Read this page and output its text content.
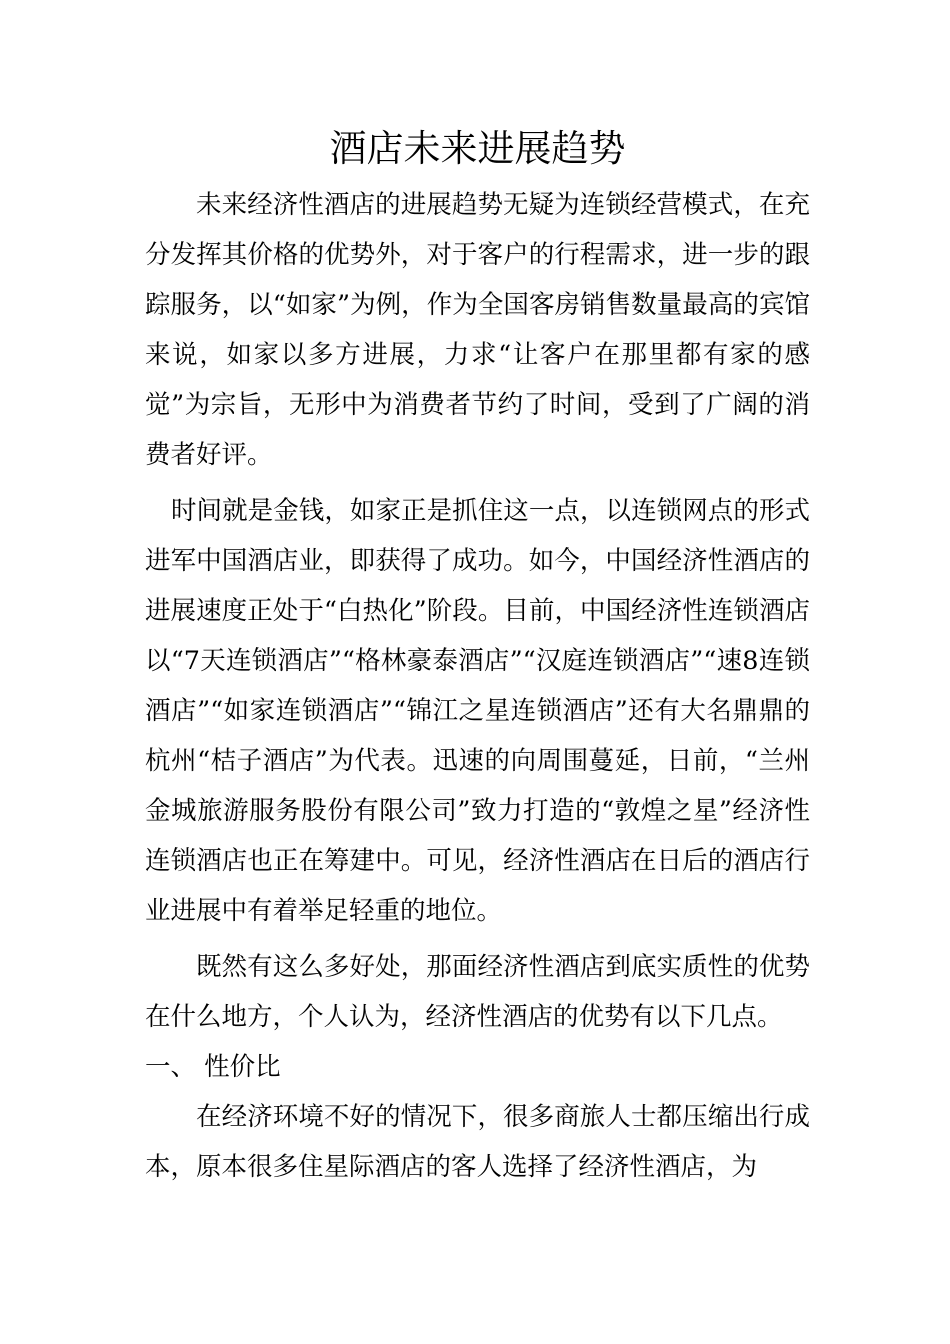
酒店未来进展趋势

未来经济性酒店的进展趋势无疑为连锁经营模式，在充分发挥其价格的优势外，对于客户的行程需求，进一步的跟踪服务，以“如家”为例，作为全国客房销售数量最高的宾馆来说，如家以多方进展，力求“让客户在那里都有家的感觉”为宗旨，无形中为消费者节约了时间，受到了广阔的消费者好评。

时间就是金钱，如家正是抓住这一点，以连锁网点的形式进军中国酒店业，即获得了成功。如今，中国经济性酒店的进展速度正处于“白热化”阶段。目前，中国经济性连锁酒店以“7天连锁酒店”“格林豪泰酒店”“汉庭连锁酒店”“速8连锁酒店”“如家连锁酒店”“锦江之星连锁酒店”还有大名鼎鼎的杭州“桔子酒店”为代表。迅速的向周围蔓延，日前，“兰州金城旅游服务股份有限公司”致力打造的“敦煌之星”经济性连锁酒店也正在筹建中。可见，经济性酒店在日后的酒店行业进展中有着举足轻重的地位。

既然有这么多好处，那面经济性酒店到底实质性的优势在什么地方，个人认为，经济性酒店的优势有以下几点。

一、 性价比

在经济环境不好的情况下，很多商旅人士都压缩出行成本，原本很多住星际酒店的客人选择了经济性酒店，为
